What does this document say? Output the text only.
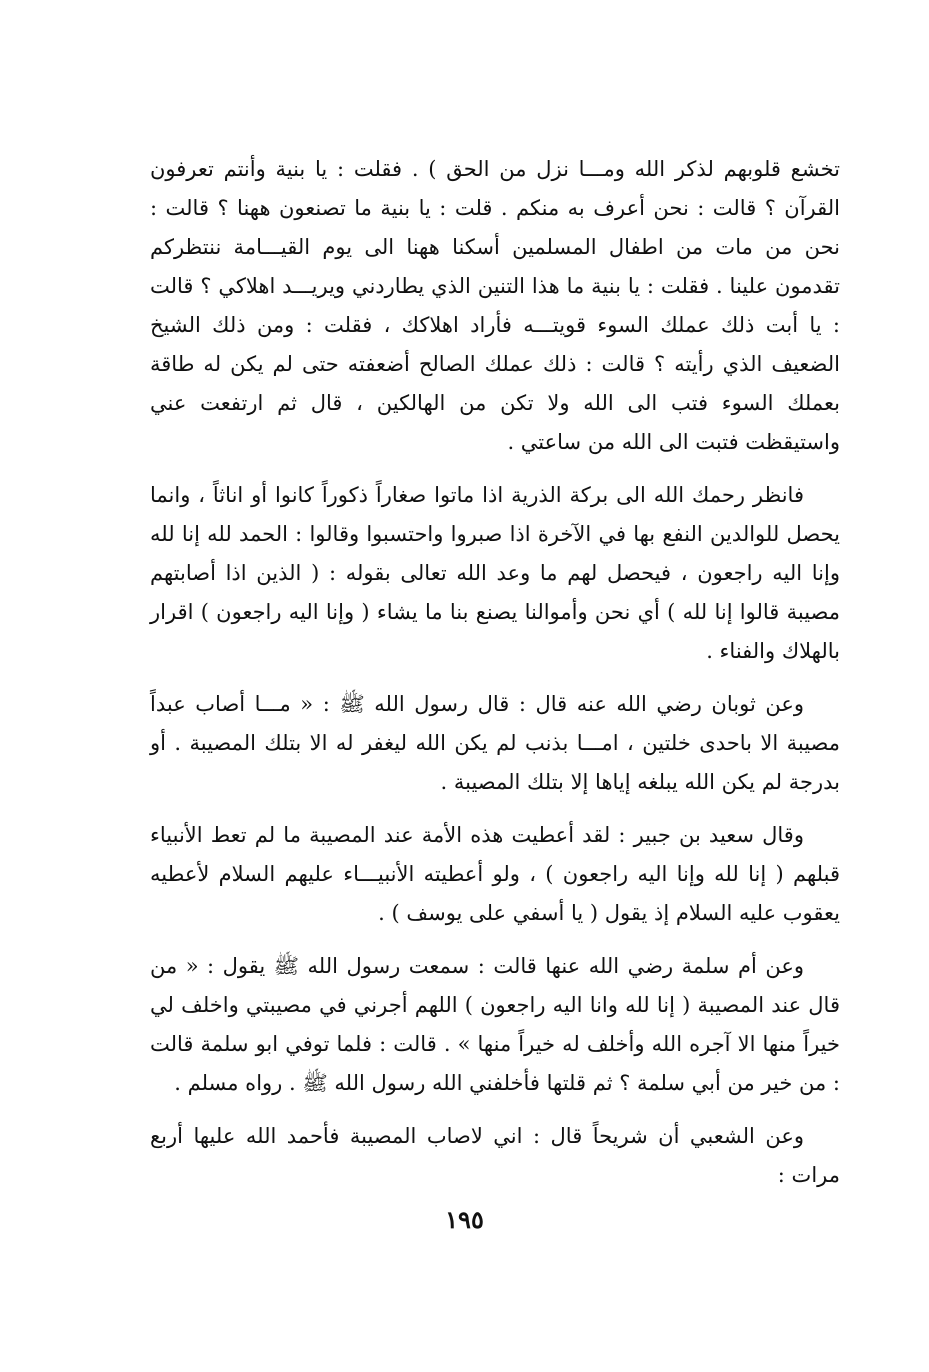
تخشع قلوبهم لذكر الله ومـــا نزل من الحق ) . فقلت : يا بنية وأنتم تعرفون القرآن ؟ قالت : نحن أعرف به منكم . قلت : يا بنية ما تصنعون ههنا ؟ قالت : نحن من مات من اطفال المسلمين أسكنا ههنا الى يوم القيـــامة ننتظركم تقدمون علينا . فقلت : يا بنية ما هذا التنين الذي يطاردني ويريـــد اهلاكي ؟ قالت : يا أبت ذلك عملك السوء قويتـــه فأراد اهلاكك ، فقلت : ومن ذلك الشيخ الضعيف الذي رأيته ؟ قالت : ذلك عملك الصالح أضعفته حتى لم يكن له طاقة بعملك السوء فتب الى الله ولا تكن من الهالكين ، قال ثم ارتفعت عني واستيقظت فتبت الى الله من ساعتي .

فانظر رحمك الله الى بركة الذرية اذا ماتوا صغاراً ذكوراً كانوا أو اناثاً ، وانما يحصل للوالدين النفع بها في الآخرة اذا صبروا واحتسبوا وقالوا : الحمد لله إنا لله وإنا اليه راجعون ، فيحصل لهم ما وعد الله تعالى بقوله : ( الذين اذا أصابتهم مصيبة قالوا إنا لله ) أي نحن وأموالنا يصنع بنا ما يشاء ( وإنا اليه راجعون ) اقرار بالهلاك والفناء .

وعن ثوبان رضي الله عنه قال : قال رسول الله ﷺ : « مـــا أصاب عبداً مصيبة الا باحدى خلتين ، امـــا بذنب لم يكن الله ليغفر له الا بتلك المصيبة . أو بدرجة لم يكن الله يبلغه إياها إلا بتلك المصيبة .

وقال سعيد بن جبير : لقد أعطيت هذه الأمة عند المصيبة ما لم تعط الأنبياء قبلهم ( إنا لله وإنا اليه راجعون ) ، ولو أعطيته الأنبيـــاء عليهم السلام لأعطيه يعقوب عليه السلام إذ يقول ( يا أسفي على يوسف ) .

وعن أم سلمة رضي الله عنها قالت : سمعت رسول الله ﷺ يقول : « من قال عند المصيبة ( إنا لله وانا اليه راجعون ) اللهم أجرني في مصيبتي واخلف لي خيراً منها الا آجره الله وأخلف له خيراً منها » . قالت : فلما توفي ابو سلمة قالت : من خير من أبي سلمة ؟ ثم قلتها فأخلفني الله رسول الله ﷺ . رواه مسلم .

وعن الشعبي أن شريحاً قال : اني لاصاب المصيبة فأحمد الله عليها أربع مرات :

١٩٥
